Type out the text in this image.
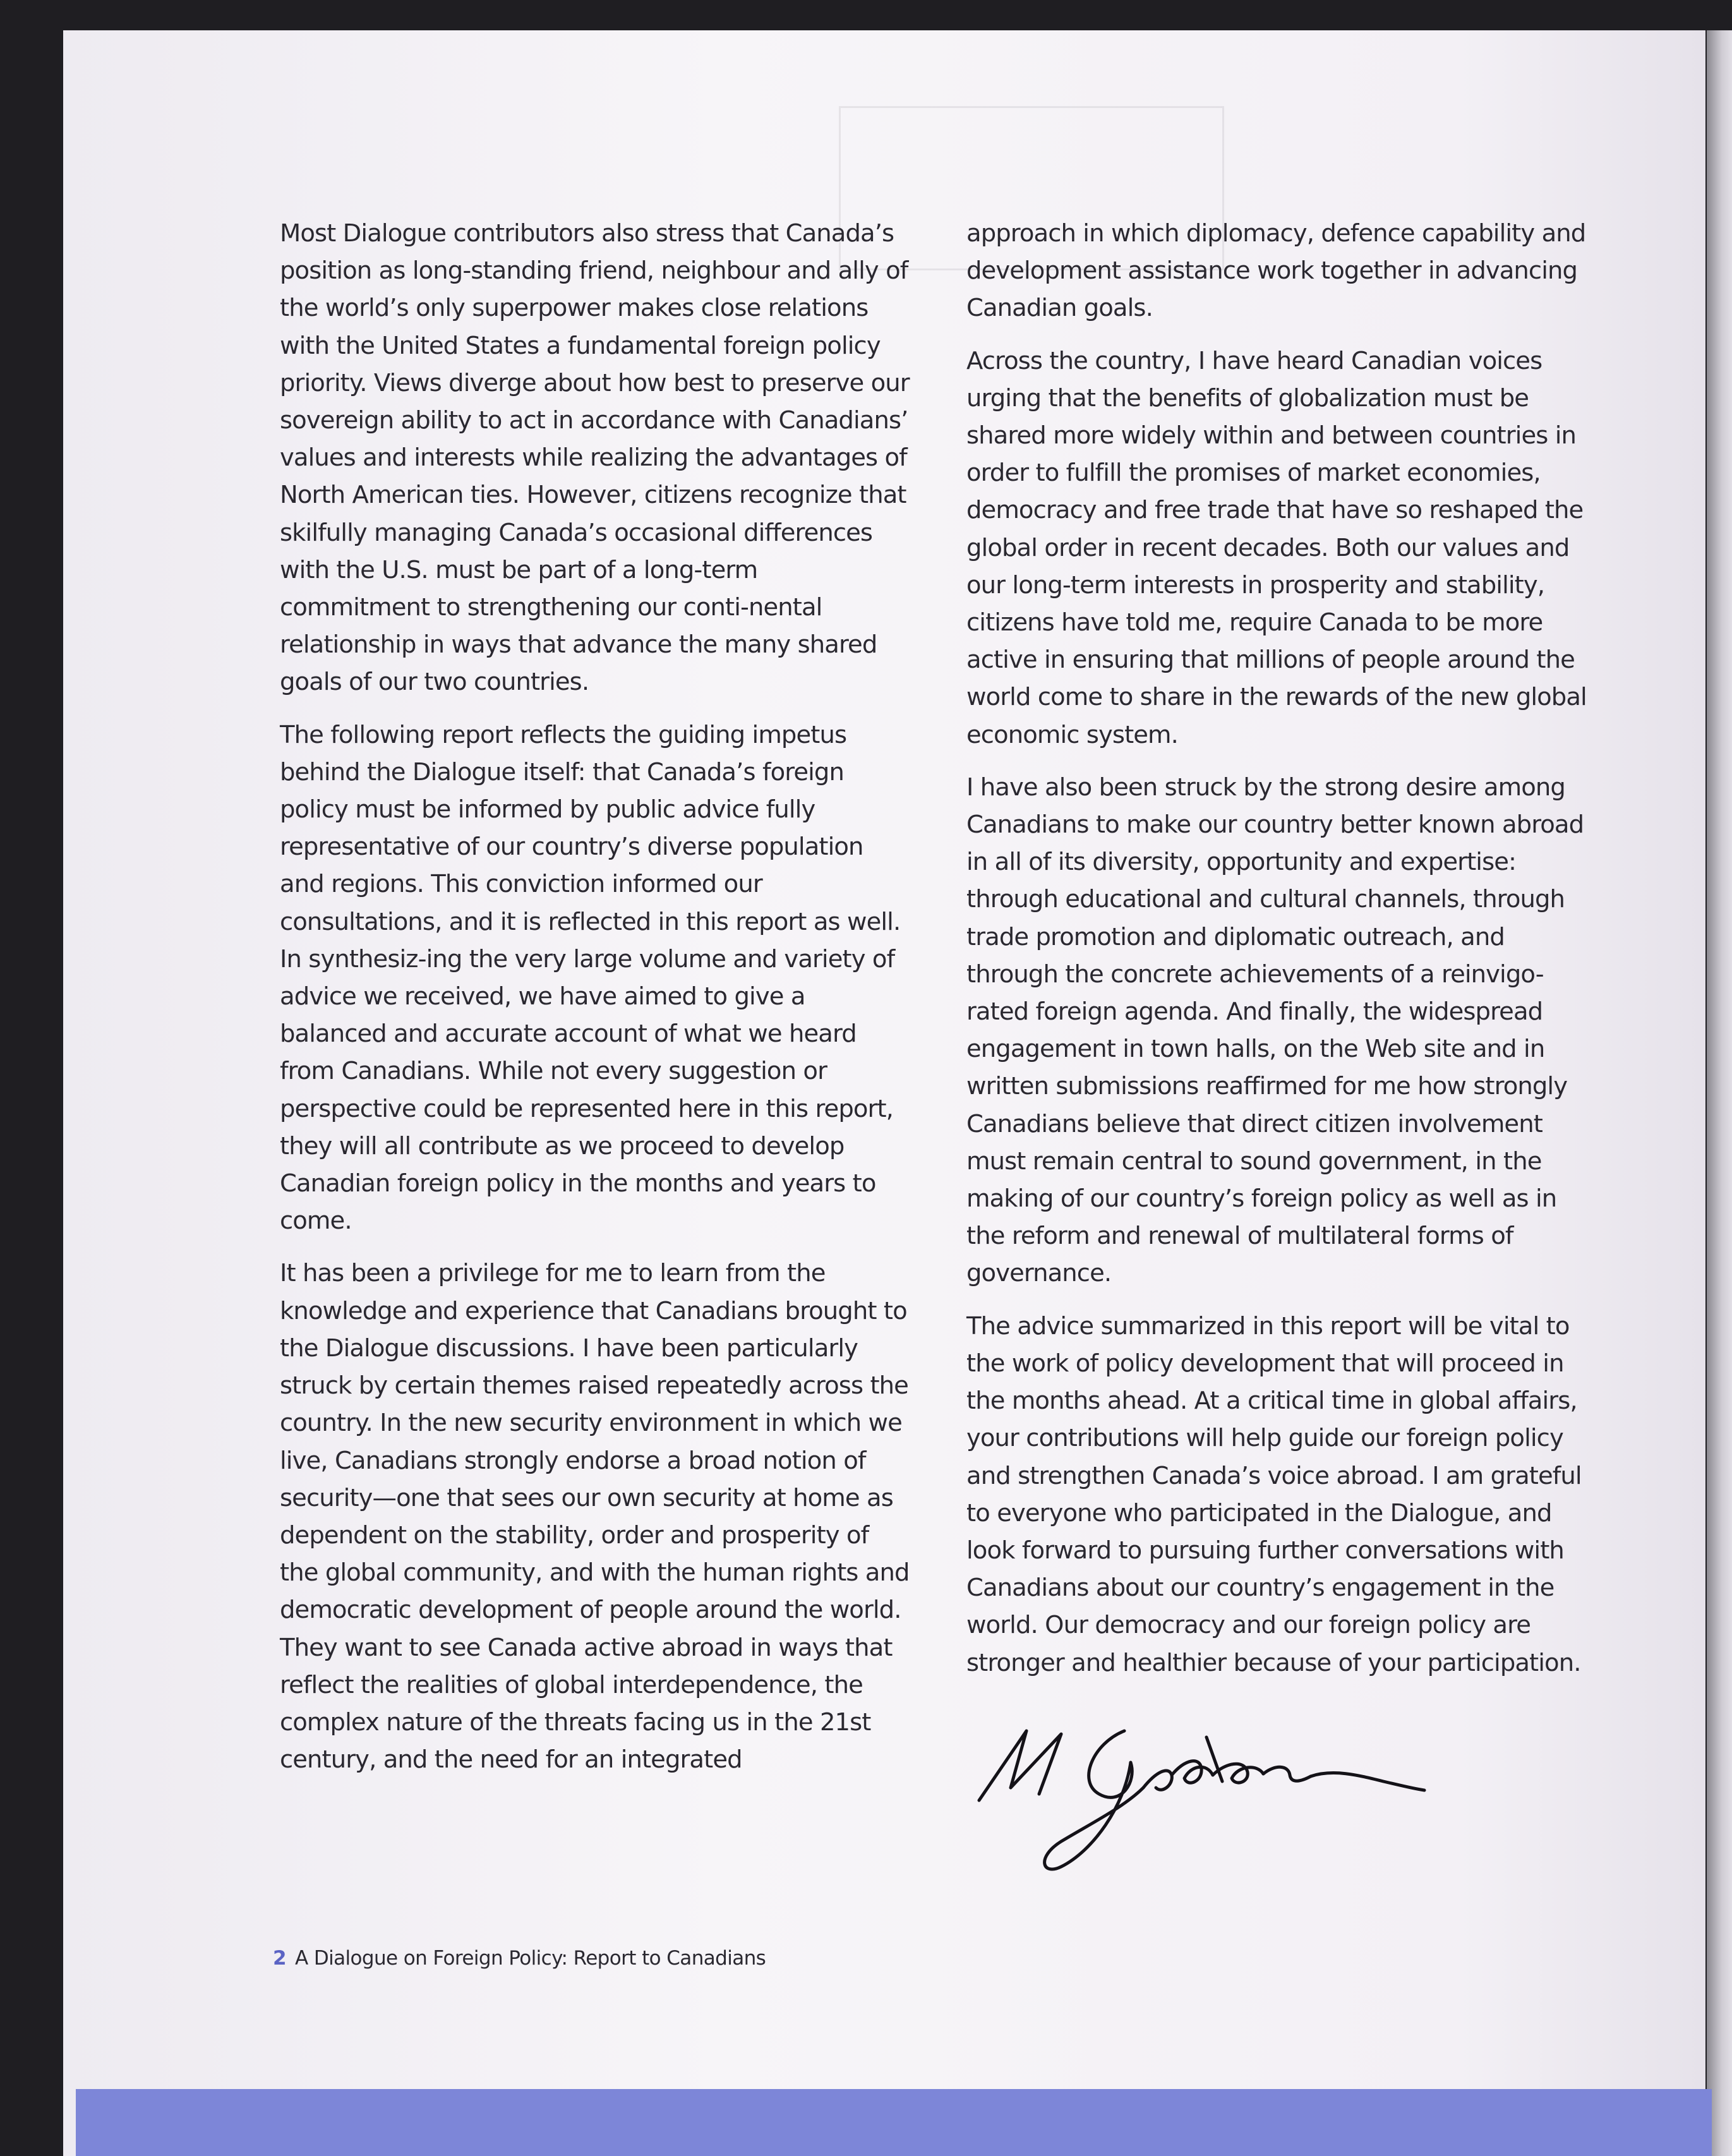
Most Dialogue contributors also stress that Canada’s position as long-standing friend, neighbour and ally of the world’s only superpower makes close relations with the United States a fundamental foreign policy priority. Views diverge about how best to preserve our sovereign ability to act in accordance with Canadians’ values and interests while realizing the advantages of North American ties. However, citizens recognize that skilfully managing Canada’s occasional differences with the U.S. must be part of a long-term commitment to strengthening our conti-nental relationship in ways that advance the many shared goals of our two countries.

The following report reflects the guiding impetus behind the Dialogue itself: that Canada’s foreign policy must be informed by public advice fully representative of our country’s diverse population and regions. This conviction informed our consultations, and it is reflected in this report as well. In synthesiz-ing the very large volume and variety of advice we received, we have aimed to give a balanced and accurate account of what we heard from Canadians. While not every suggestion or perspective could be represented here in this report, they will all contribute as we proceed to develop Canadian foreign policy in the months and years to come.

It has been a privilege for me to learn from the knowledge and experience that Canadians brought to the Dialogue discussions. I have been particularly struck by certain themes raised repeatedly across the country. In the new security environment in which we live, Canadians strongly endorse a broad notion of security—one that sees our own security at home as dependent on the stability, order and prosperity of the global community, and with the human rights and democratic development of people around the world. They want to see Canada active abroad in ways that reflect the realities of global interdependence, the complex nature of the threats facing us in the 21st century, and the need for an integrated

approach in which diplomacy, defence capability and development assistance work together in advancing Canadian goals.

Across the country, I have heard Canadian voices urging that the benefits of globalization must be shared more widely within and between countries in order to fulfill the promises of market economies, democracy and free trade that have so reshaped the global order in recent decades. Both our values and our long-term interests in prosperity and stability, citizens have told me, require Canada to be more active in ensuring that millions of people around the world come to share in the rewards of the new global economic system.

I have also been struck by the strong desire among Canadians to make our country better known abroad in all of its diversity, opportunity and expertise: through educational and cultural channels, through trade promotion and diplomatic outreach, and through the concrete achievements of a reinvigo-rated foreign agenda. And finally, the widespread engagement in town halls, on the Web site and in written submissions reaffirmed for me how strongly Canadians believe that direct citizen involvement must remain central to sound government, in the making of our country’s foreign policy as well as in the reform and renewal of multilateral forms of governance.

The advice summarized in this report will be vital to the work of policy development that will proceed in the months ahead. At a critical time in global affairs, your contributions will help guide our foreign policy and strengthen Canada’s voice abroad. I am grateful to everyone who participated in the Dialogue, and look forward to pursuing further conversations with Canadians about our country’s engagement in the world. Our democracy and our foreign policy are stronger and healthier because of your participation.

2 A Dialogue on Foreign Policy: Report to Canadians
